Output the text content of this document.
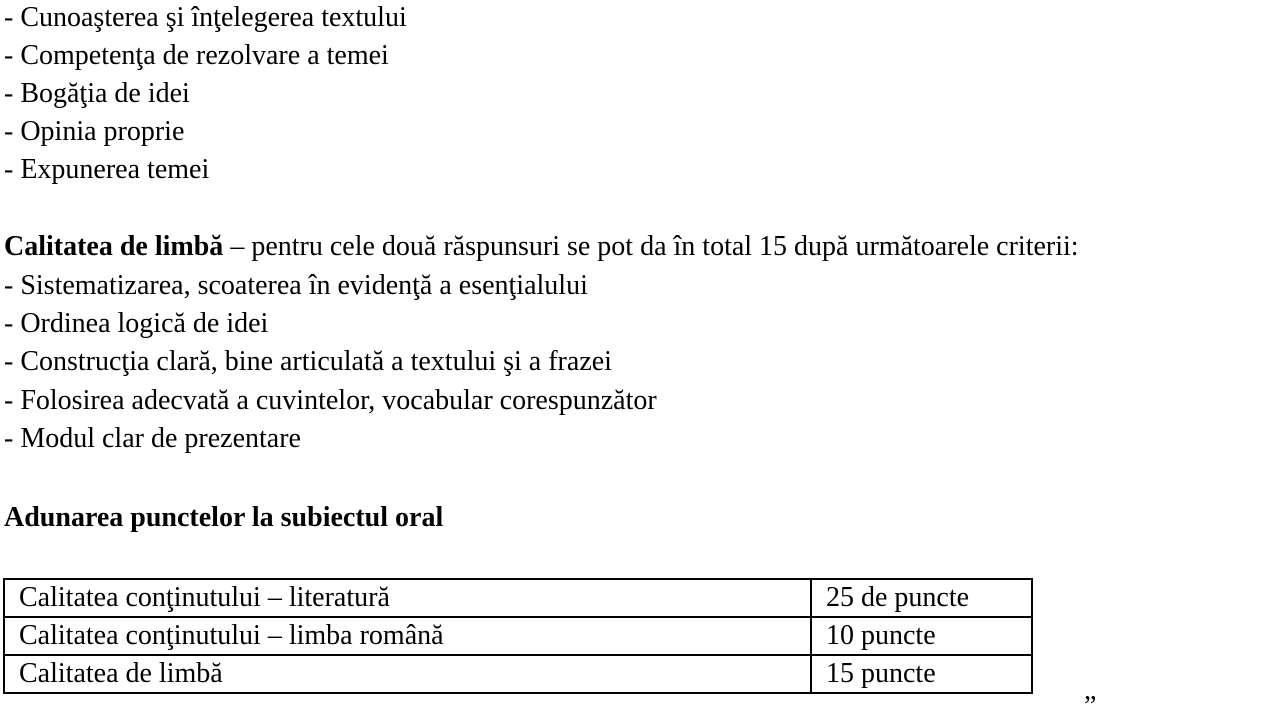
- Cunoaşterea şi înţelegerea textului
- Competenţa de rezolvare a temei
- Bogăţia de idei
- Opinia proprie
- Expunerea temei
Calitatea de limbă – pentru cele două răspunsuri se pot da în total 15 după următoarele criterii:
- Sistematizarea, scoaterea în evidenţă a esenţialului
- Ordinea logică de idei
- Construcţia clară, bine articulată a textului şi a frazei
- Folosirea adecvată a cuvintelor, vocabular corespunzător
- Modul clar de prezentare
Adunarea punctelor la subiectul oral
Calitatea conţinutului – literatură	25 de puncte
Calitatea conţinutului – limba română	10 puncte
Calitatea de limbă	15 puncte
”
